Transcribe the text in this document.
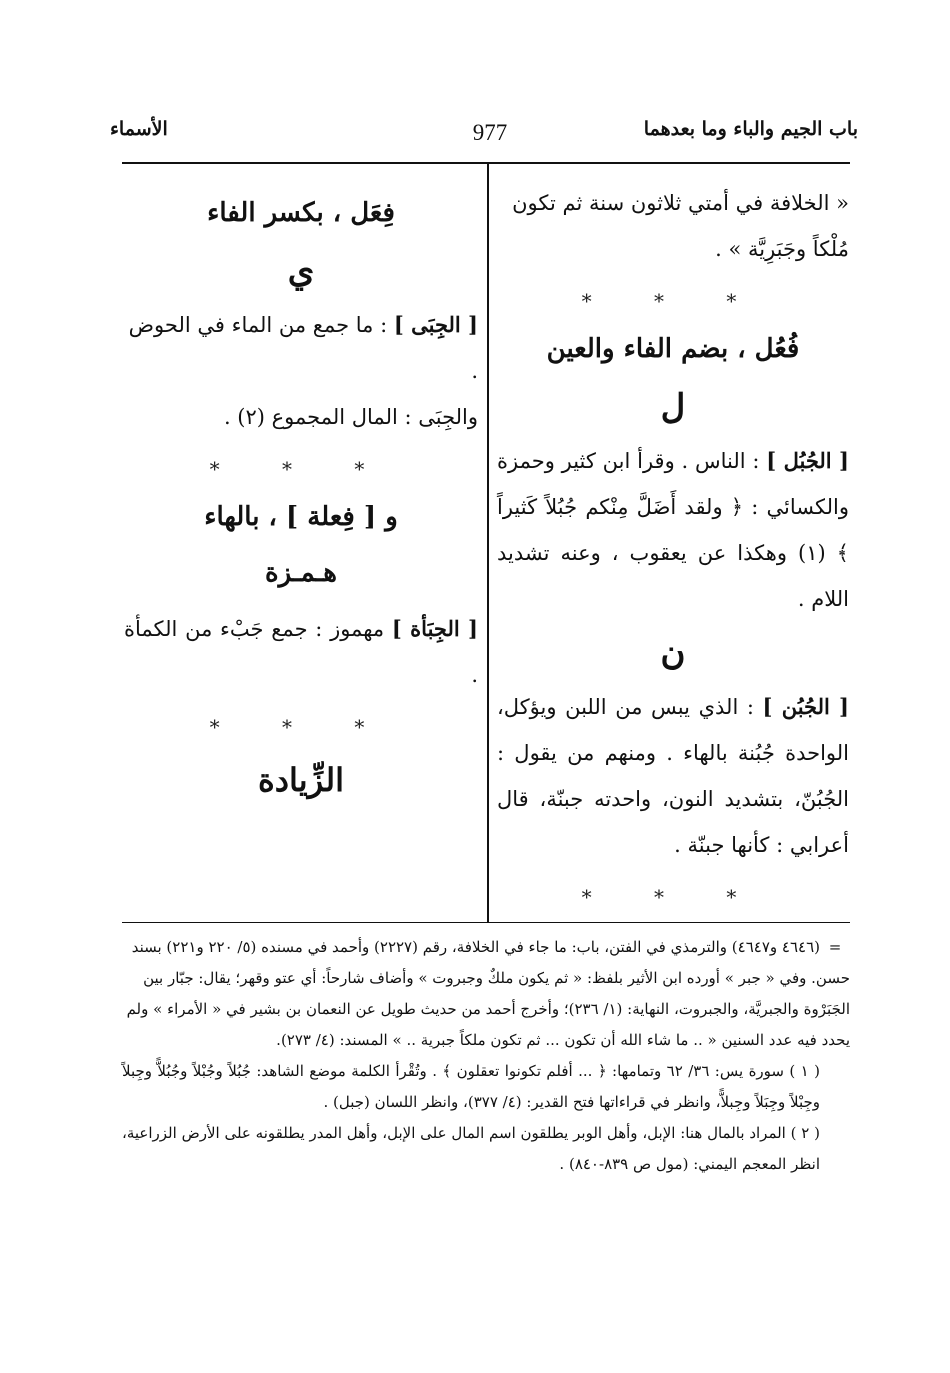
باب الجيم والباء وما بعدهما
977
الأسماء

« الخلافة في أمتي ثلاثون سنة ثم تكون مُلْكاً وجَبَرِيَّة » .

* * *
فُعُل ، بضم الفاء والعين
ل

[ الجُبُل ] : الناس . وقرأ ابن كثير وحمزة والكسائي : ﴿ ولقد أَضَلَّ مِنْكم جُبُلاً كَثيراً ﴾ (١) وهكذا عن يعقوب ، وعنه تشديد اللام .

ن

[ الجُبُن ] : الذي يبس من اللبن ويؤكل، الواحدة جُبُنة بالهاء . ومنهم من يقول : الجُبُنّ، بتشديد النون، واحدته جبنّة، قال أعرابي : كأنها جبنّة .

* * *
فِعَل ، بكسر الفاء
ي

[ الجِبَى ] : ما جمع من الماء في الحوض .

والجِبَى : المال المجموع (٢) .

* * *
و [ فِعلة ] ، بالهاء
هـمـزة

[ الجِبَأة ] مهموز : جمع جَبْء من الكمأة .

* * *
الزِّيادة

=(٤٦٤٦ و٤٦٤٧) والترمذي في الفتن، باب: ما جاء في الخلافة، رقم (٢٢٢٧) وأحمد في مسنده (٥/ ٢٢٠ و٢٢١) بسند حسن. وفي « جبر » أورده ابن الأثير بلفظ: « ثم يكون ملكٌ وجبروت » وأضاف شارحاً: أي عتو وقهر؛ يقال: جبّار بين الجَبَرْوة والجبريَّة، والجبروت، النهاية: (١/ ٢٣٦)؛ وأخرج أحمد من حديث طويل عن النعمان بن بشير في « الأمراء » ولم يحدد فيه عدد السنين « .. ما شاء الله أن تكون ... ثم تكون ملكاً جبرية .. » المسند: (٤/ ٢٧٣).

( ١ ) سورة يس: ٣٦/ ٦٢ وتمامها: ﴿ ... أفلم تكونوا تعقلون ﴾ . وتُقْرأ الكلمة موضع الشاهد: جُبُلاً وجُبْلاً وجُبُلاًّ وجِبلاً وجِبْلاً وجِبَلاً وجِبلاًّ، وانظر في قراءاتها فتح القدير: (٤/ ٣٧٧)، وانظر اللسان (جبل) .

( ٢ ) المراد بالمال هنا: الإبل، وأهل الوبر يطلقون اسم المال على الإبل، وأهل المدر يطلقونه على الأرض الزراعية، انظر المعجم اليمني: (مول ص ٨٣٩-٨٤٠) .
